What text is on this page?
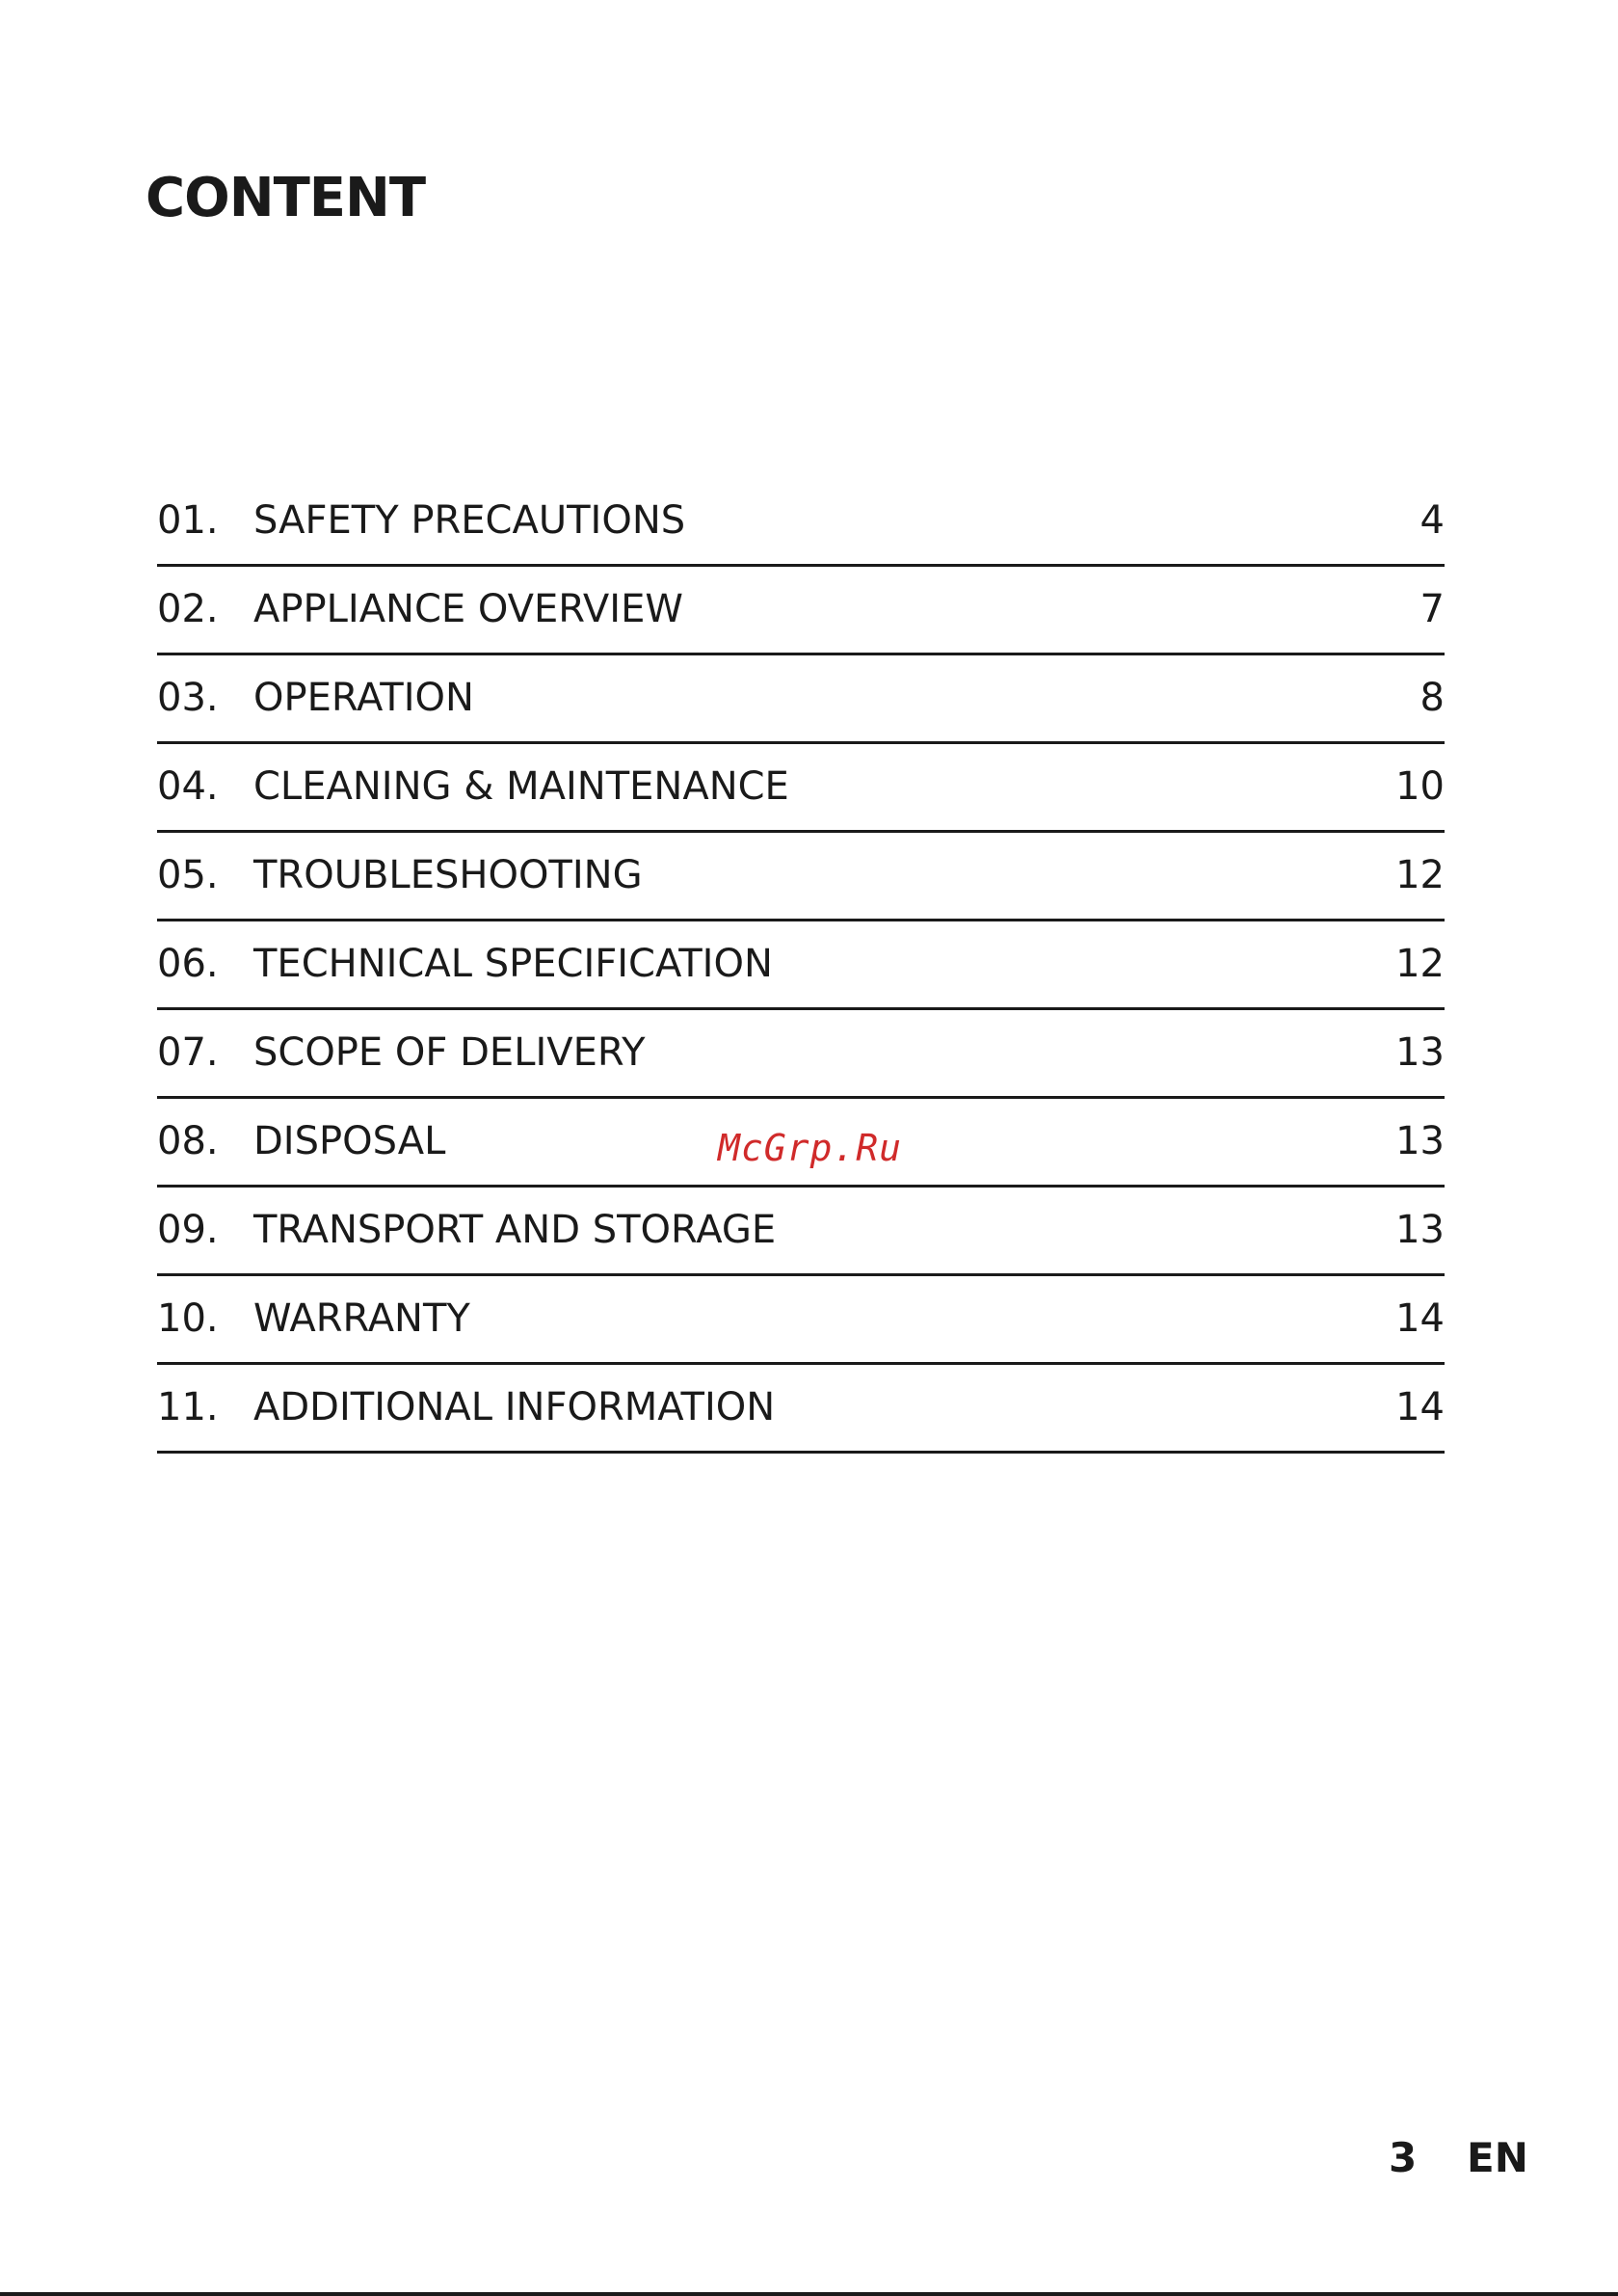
CONTENT
01. SAFETY PRECAUTIONS	4
02. APPLIANCE OVERVIEW	7
03. OPERATION	8
04. CLEANING & MAINTENANCE	10
05. TROUBLESHOOTING	12
06. TECHNICAL SPECIFICATION	12
07. SCOPE OF DELIVERY	13
08. DISPOSAL	13
09. TRANSPORT AND STORAGE	13
10. WARRANTY	14
11. ADDITIONAL INFORMATION	14
McGrp.Ru
3 EN
